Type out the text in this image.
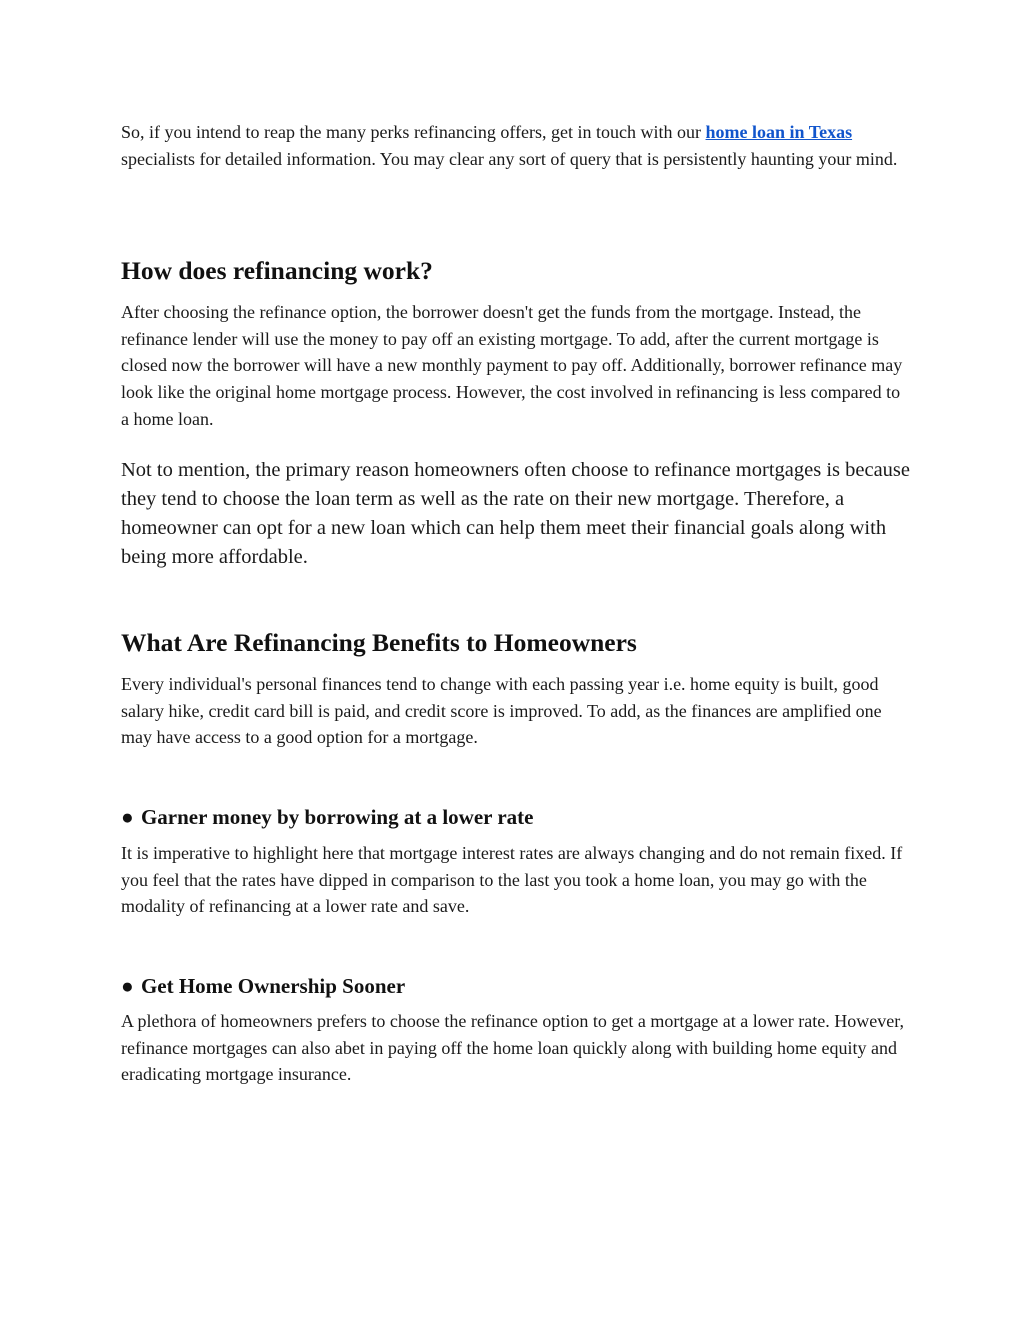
So, if you intend to reap the many perks refinancing offers, get in touch with our home loan in Texas specialists for detailed information. You may clear any sort of query that is persistently haunting your mind.

How does refinancing work?

After choosing the refinance option, the borrower doesn't get the funds from the mortgage. Instead, the refinance lender will use the money to pay off an existing mortgage. To add, after the current mortgage is closed now the borrower will have a new monthly payment to pay off. Additionally, borrower refinance may look like the original home mortgage process. However, the cost involved in refinancing is less compared to a home loan.

Not to mention, the primary reason homeowners often choose to refinance mortgages is because they tend to choose the loan term as well as the rate on their new mortgage. Therefore, a homeowner can opt for a new loan which can help them meet their financial goals along with being more affordable.

What Are Refinancing Benefits to Homeowners

Every individual's personal finances tend to change with each passing year i.e. home equity is built, good salary hike, credit card bill is paid, and credit score is improved. To add, as the finances are amplified one may have access to a good option for a mortgage.

● Garner money by borrowing at a lower rate

It is imperative to highlight here that mortgage interest rates are always changing and do not remain fixed. If you feel that the rates have dipped in comparison to the last you took a home loan, you may go with the modality of refinancing at a lower rate and save.

● Get Home Ownership Sooner

A plethora of homeowners prefers to choose the refinance option to get a mortgage at a lower rate. However, refinance mortgages can also abet in paying off the home loan quickly along with building home equity and eradicating mortgage insurance.
